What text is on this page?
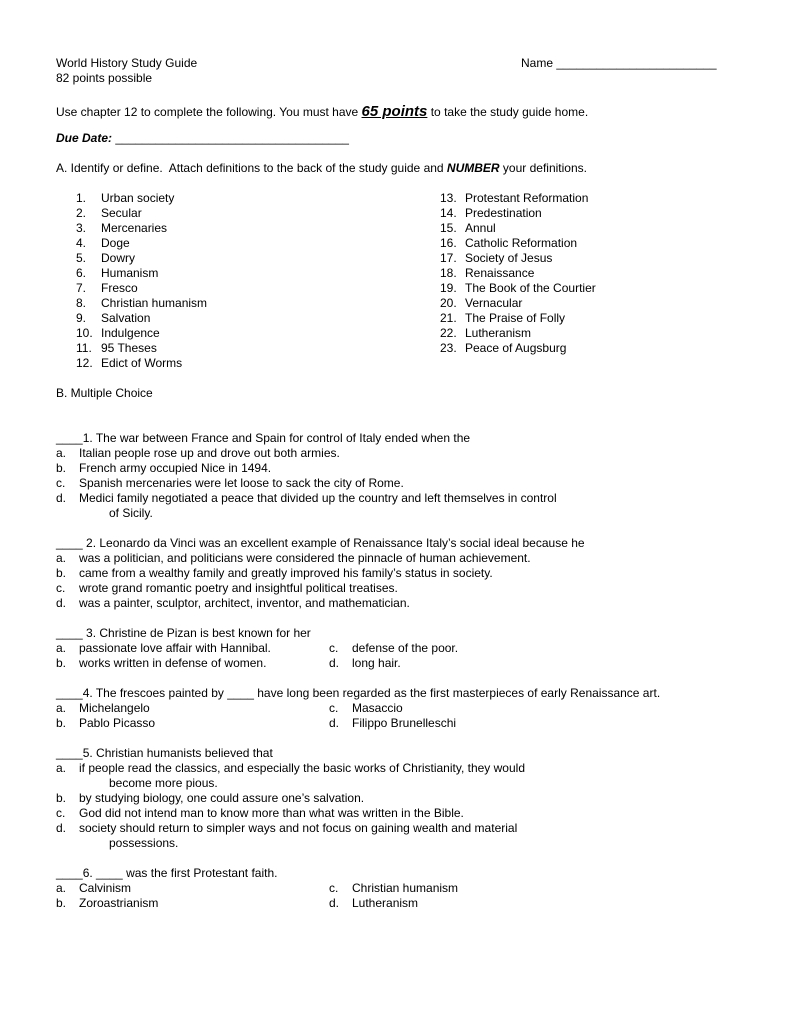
World History Study Guide	Name ________________________
82 points possible
Use chapter 12 to complete the following. You must have 65 points to take the study guide home.
Due Date: ___________________________________
A. Identify or define.  Attach definitions to the back of the study guide and NUMBER your definitions.
1. Urban society
2. Secular
3. Mercenaries
4. Doge
5. Dowry
6. Humanism
7. Fresco
8. Christian humanism
9. Salvation
10. Indulgence
11. 95 Theses
12. Edict of Worms
13. Protestant Reformation
14. Predestination
15. Annul
16. Catholic Reformation
17. Society of Jesus
18. Renaissance
19. The Book of the Courtier
20. Vernacular
21. The Praise of Folly
22. Lutheranism
23. Peace of Augsburg
B. Multiple Choice
____1. The war between France and Spain for control of Italy ended when the
a. Italian people rose up and drove out both armies.
b. French army occupied Nice in 1494.
c. Spanish mercenaries were let loose to sack the city of Rome.
d. Medici family negotiated a peace that divided up the country and left themselves in control
of Sicily.
____ 2. Leonardo da Vinci was an excellent example of Renaissance Italy’s social ideal because he
a. was a politician, and politicians were considered the pinnacle of human achievement.
b. came from a wealthy family and greatly improved his family’s status in society.
c. wrote grand romantic poetry and insightful political treatises.
d. was a painter, sculptor, architect, inventor, and mathematician.
____ 3. Christine de Pizan is best known for her
a. passionate love affair with Hannibal.	c. defense of the poor.
b. works written in defense of women.	d. long hair.
____4. The frescoes painted by ____ have long been regarded as the first masterpieces of early Renaissance art.
a. Michelangelo	c. Masaccio
b. Pablo Picasso	d. Filippo Brunelleschi
____5. Christian humanists believed that
a. if people read the classics, and especially the basic works of Christianity, they would
become more pious.
b. by studying biology, one could assure one’s salvation.
c. God did not intend man to know more than what was written in the Bible.
d. society should return to simpler ways and not focus on gaining wealth and material
possessions.
____6. ____ was the first Protestant faith.
a. Calvinism	c. Christian humanism
b. Zoroastrianism	d. Lutheranism
